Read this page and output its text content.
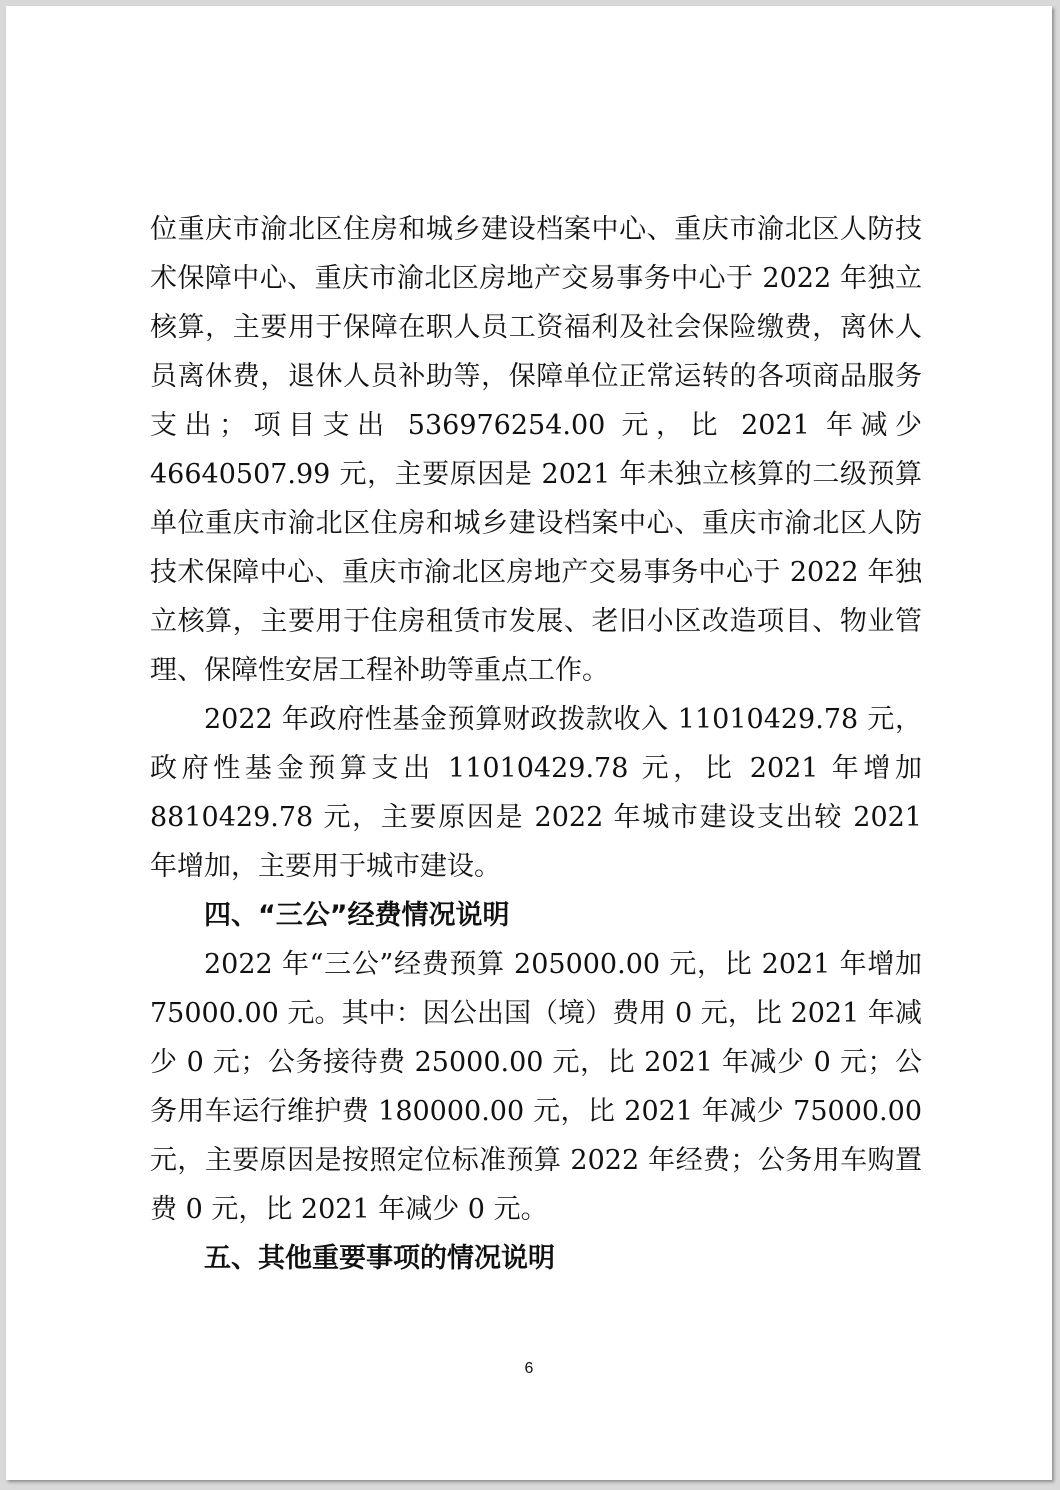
位重庆市渝北区住房和城乡建设档案中心、重庆市渝北区人防技术保障中心、重庆市渝北区房地产交易事务中心于 2022 年独立核算，主要用于保障在职人员工资福利及社会保险缴费，离休人员离休费，退休人员补助等，保障单位正常运转的各项商品服务支出；项目支出 536976254.00 元，比 2021 年减少 46640507.99 元，主要原因是 2021 年未独立核算的二级预算单位重庆市渝北区住房和城乡建设档案中心、重庆市渝北区人防技术保障中心、重庆市渝北区房地产交易事务中心于 2022 年独立核算，主要用于住房租赁市发展、老旧小区改造项目、物业管理、保障性安居工程补助等重点工作。

2022 年政府性基金预算财政拨款收入 11010429.78 元，政府性基金预算支出 11010429.78 元，比 2021 年增加 8810429.78 元，主要原因是 2022 年城市建设支出较 2021 年增加，主要用于城市建设。

四、“三公”经费情况说明

2022 年“三公”经费预算 205000.00 元，比 2021 年增加 75000.00 元。其中：因公出国（境）费用 0 元，比 2021 年减少 0 元；公务接待费 25000.00 元，比 2021 年减少 0 元；公务用车运行维护费 180000.00 元，比 2021 年减少 75000.00 元，主要原因是按照定位标准预算 2022 年经费；公务用车购置费 0 元，比 2021 年减少 0 元。

五、其他重要事项的情况说明
6
